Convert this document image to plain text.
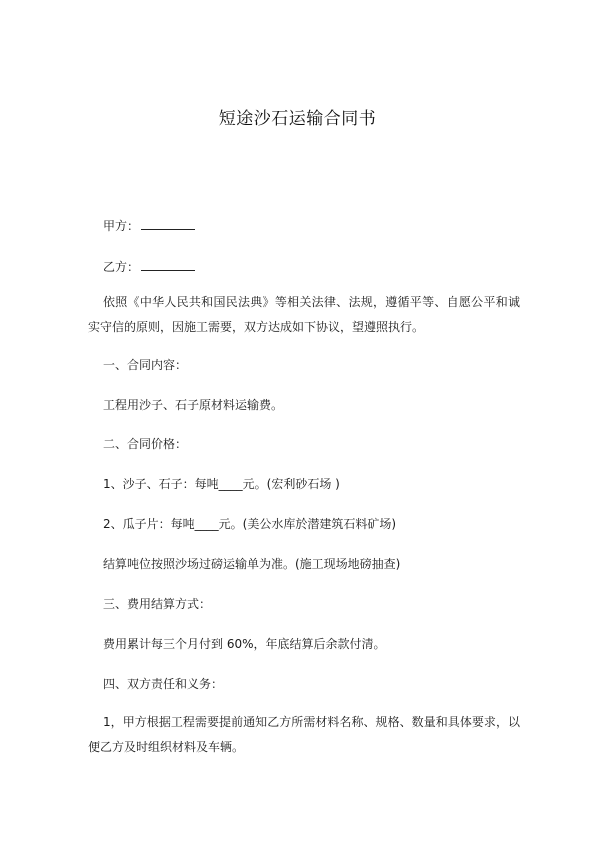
短途沙石运输合同书
甲方：
乙方：
依照《中华人民共和国民法典》等相关法律、法规，遵循平等、自愿公平和诚实守信的原则，因施工需要，双方达成如下协议，望遵照执行。
一、合同内容：
工程用沙子、石子原材料运输费。
二、合同价格：
1、沙子、石子：每吨____元。(宏利砂石场 )
2、瓜子片：每吨____元。(美公水库於潜建筑石料矿场)
结算吨位按照沙场过磅运输单为准。(施工现场地磅抽查)
三、费用结算方式：
费用累计每三个月付到 60%，年底结算后余款付清。
四、双方责任和义务：
1，甲方根据工程需要提前通知乙方所需材料名称、规格、数量和具体要求，以便乙方及时组织材料及车辆。
